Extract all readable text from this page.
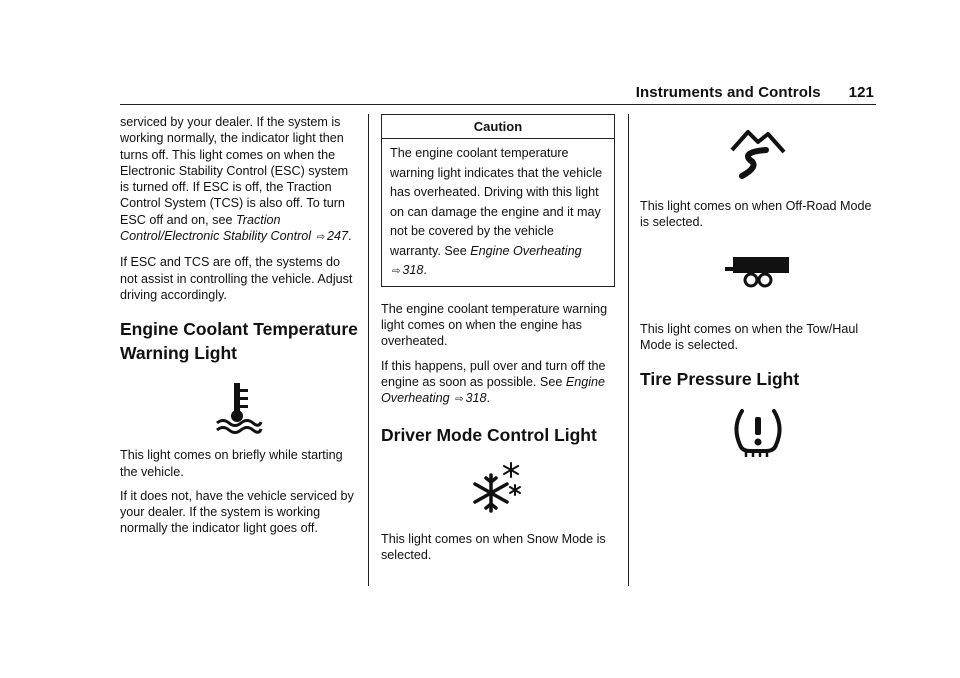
Instruments and Controls 121

serviced by your dealer. If the system is working normally, the indicator light then turns off. This light comes on when the Electronic Stability Control (ESC) system is turned off. If ESC is off, the Traction Control System (TCS) is also off. To turn ESC off and on, see Traction Control/Electronic Stability Control ⇨ 247.

If ESC and TCS are off, the systems do not assist in controlling the vehicle. Adjust driving accordingly.

Engine Coolant Temperature Warning Light

This light comes on briefly while starting the vehicle.

If it does not, have the vehicle serviced by your dealer. If the system is working normally the indicator light goes off.

Caution
The engine coolant temperature warning light indicates that the vehicle has overheated. Driving with this light on can damage the engine and it may not be covered by the vehicle warranty. See Engine Overheating ⇨ 318.

The engine coolant temperature warning light comes on when the engine has overheated.

If this happens, pull over and turn off the engine as soon as possible. See Engine Overheating ⇨ 318.

Driver Mode Control Light

This light comes on when Snow Mode is selected.

This light comes on when Off-Road Mode is selected.

This light comes on when the Tow/Haul Mode is selected.

Tire Pressure Light
